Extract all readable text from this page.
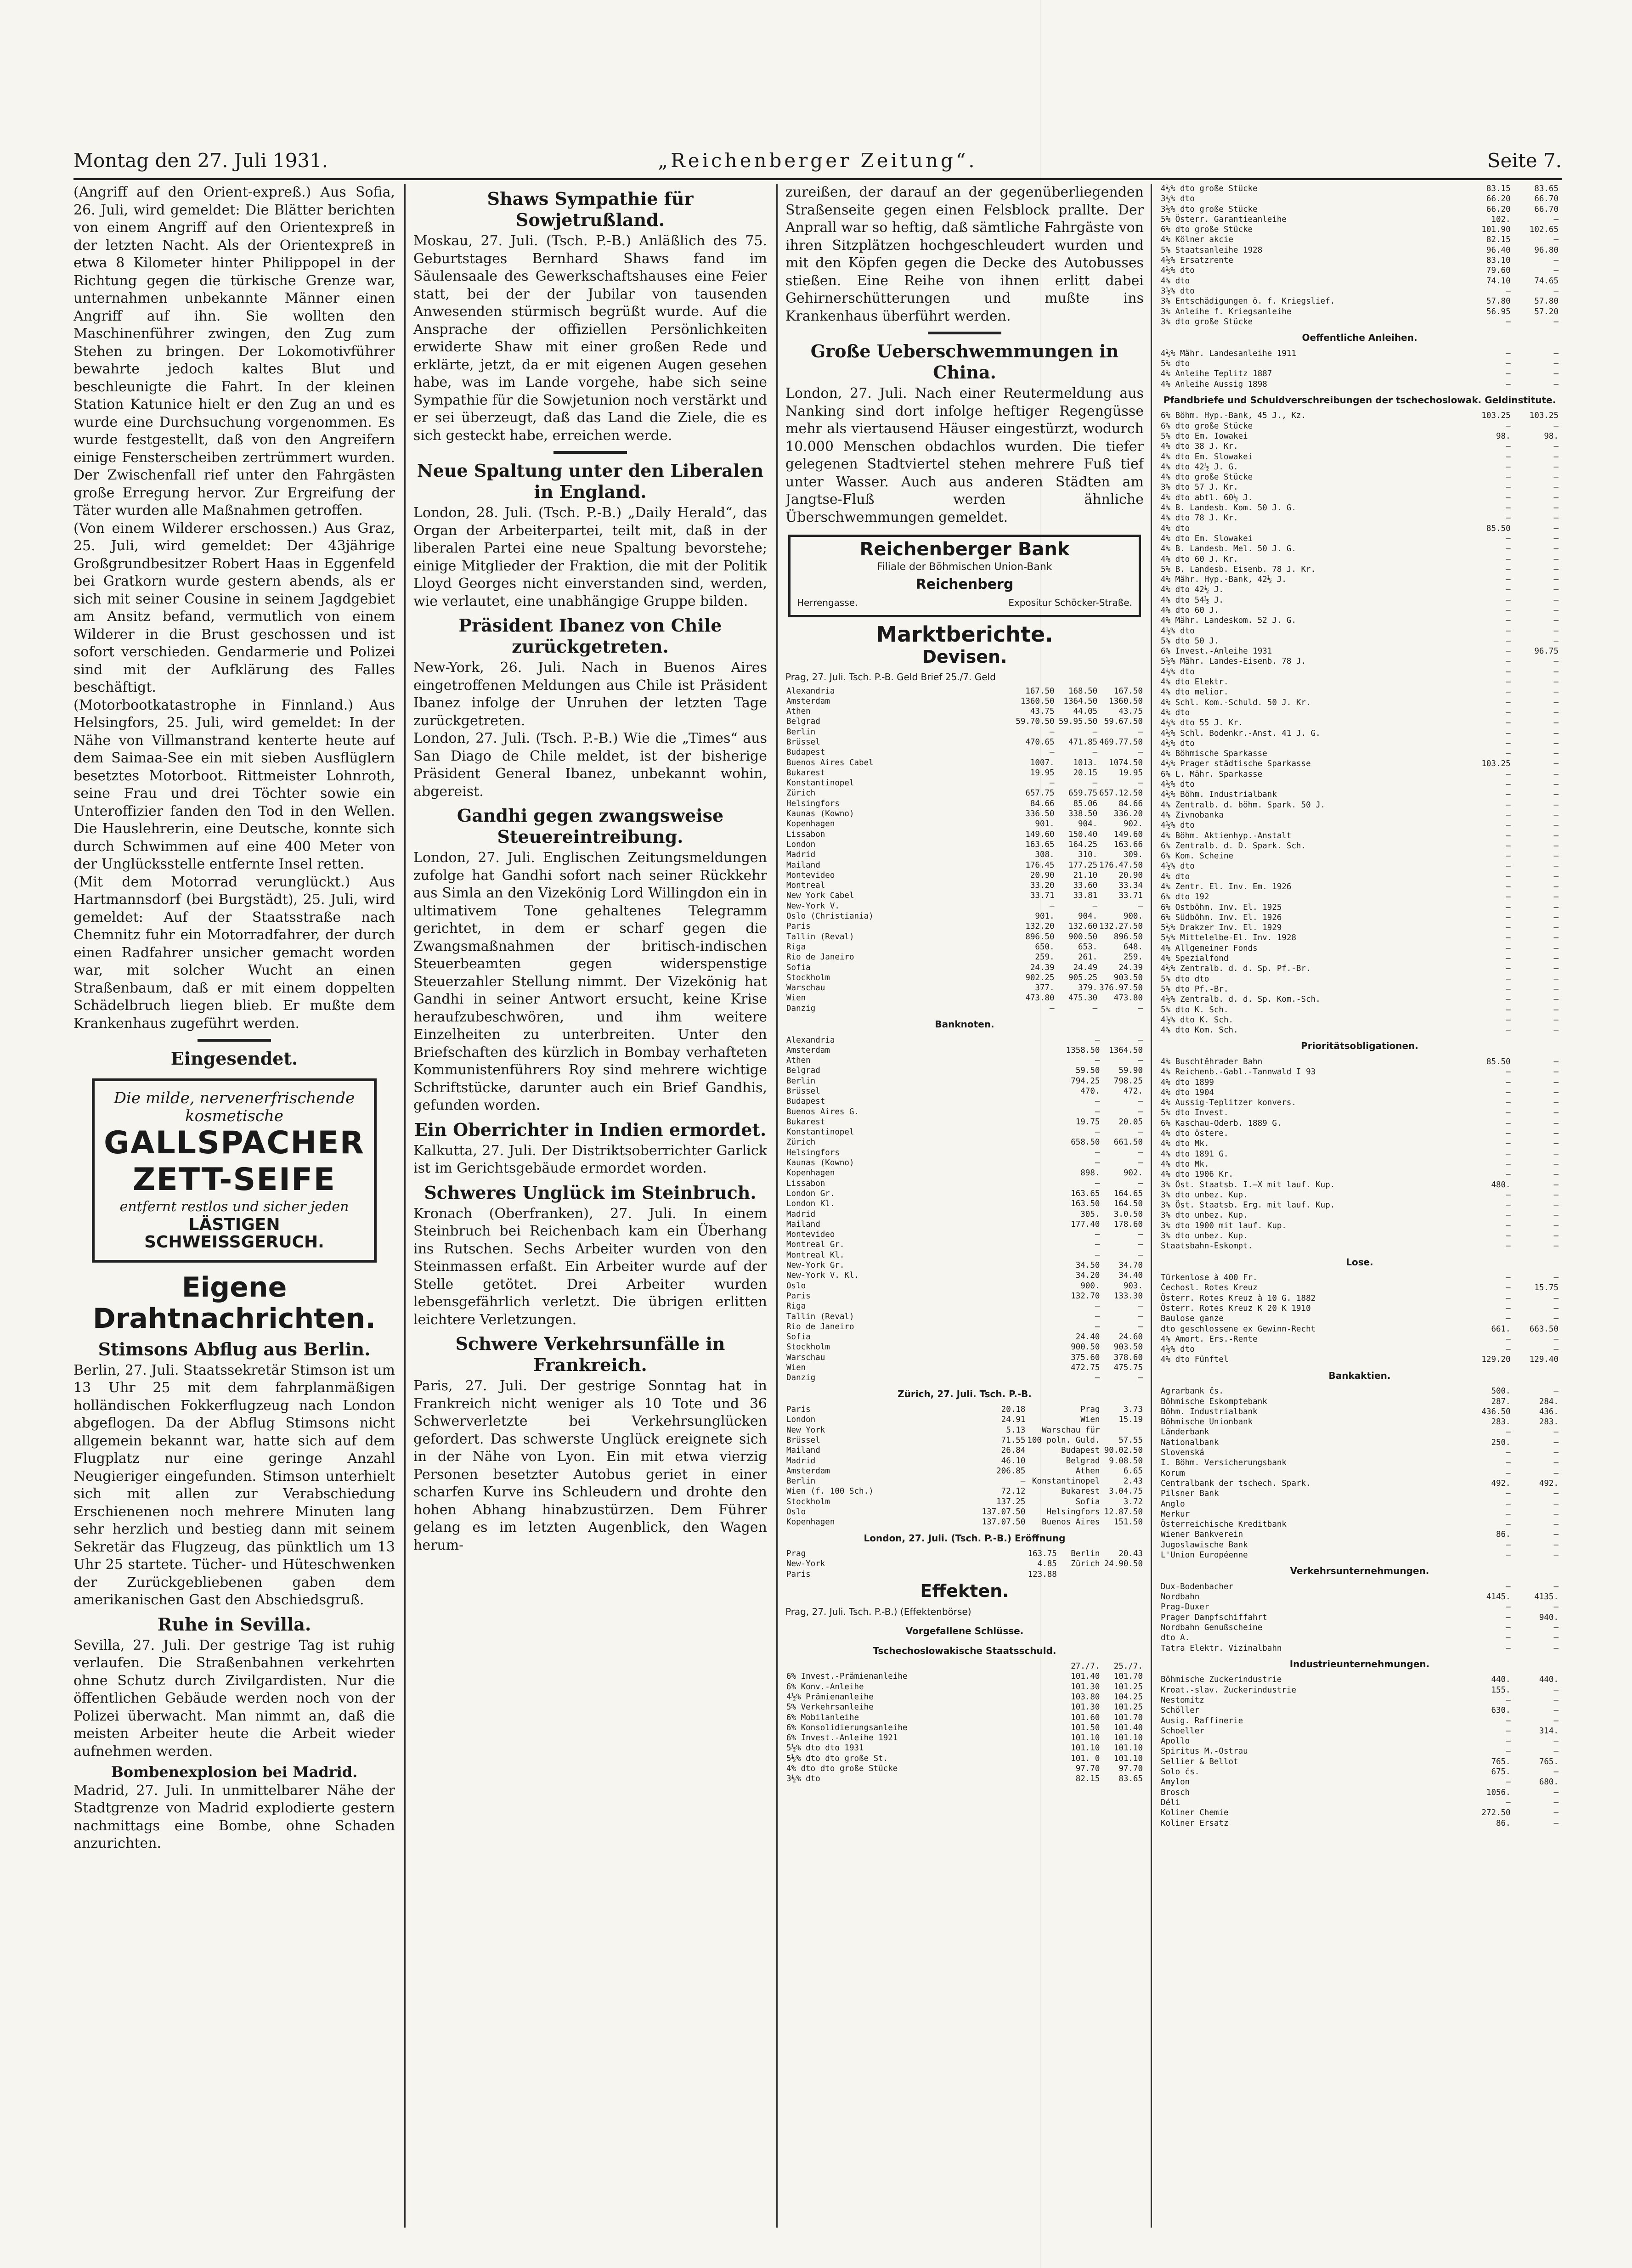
Montag den 27. Juli 1931.	„Reichenberger Zeitung“.	Seite 7.

(Angriff auf den Orient-expreß.) Aus Sofia, 26. Juli, wird gemeldet: Die Blätter berichten von einem Angriff auf den Orientexpreß in der letzten Nacht. Als der Orientexpreß in etwa 8 Kilometer hinter Philippopel in der Richtung gegen die türkische Grenze war, unternahmen unbekannte Männer einen Angriff auf ihn. Sie wollten den Maschinenführer zwingen, den Zug zum Stehen zu bringen. Der Lokomotivführer bewahrte jedoch kaltes Blut und beschleunigte die Fahrt. In der kleinen Station Katunice hielt er den Zug an und es wurde eine Durchsuchung vorgenommen. Es wurde festgestellt, daß von den Angreifern einige Fensterscheiben zertrümmert wurden. Der Zwischenfall rief unter den Fahrgästen große Erregung hervor. Zur Ergreifung der Täter wurden alle Maßnahmen getroffen.

(Von einem Wilderer erschossen.) Aus Graz, 25. Juli, wird gemeldet: Der 43jährige Großgrundbesitzer Robert Haas in Eggenfeld bei Gratkorn wurde gestern abends, als er sich mit seiner Cousine in seinem Jagdgebiet am Ansitz befand, vermutlich von einem Wilderer in die Brust geschossen und ist sofort verschieden. Gendarmerie und Polizei sind mit der Aufklärung des Falles beschäftigt.

(Motorbootkatastrophe in Finnland.) Aus Helsingfors, 25. Juli, wird gemeldet: In der Nähe von Villmanstrand kenterte heute auf dem Saimaa-See ein mit sieben Ausflüglern besetztes Motorboot. Rittmeister Lohnroth, seine Frau und drei Töchter sowie ein Unteroffizier fanden den Tod in den Wellen. Die Hauslehrerin, eine Deutsche, konnte sich durch Schwimmen auf eine 400 Meter von der Unglücksstelle entfernte Insel retten.

(Mit dem Motorrad verunglückt.) Aus Hartmannsdorf (bei Burgstädt), 25. Juli, wird gemeldet: Auf der Staatsstraße nach Chemnitz fuhr ein Motorradfahrer, der durch einen Radfahrer unsicher gemacht worden war, mit solcher Wucht an einen Straßenbaum, daß er mit einem doppelten Schädelbruch liegen blieb. Er mußte dem Krankenhaus zugeführt werden.

Eingesendet.
Die milde, nervenerfrischende kosmetische
GALLSPACHER ZETT-SEIFE
entfernt restlos und sicher jeden
LÄSTIGEN SCHWEISSGERUCH.
Eigene Drahtnachrichten.
Stimsons Abflug aus Berlin.

Berlin, 27. Juli. Staatssekretär Stimson ist um 13 Uhr 25 mit dem fahrplanmäßigen holländischen Fokkerflugzeug nach London abgeflogen. Da der Abflug Stimsons nicht allgemein bekannt war, hatte sich auf dem Flugplatz nur eine geringe Anzahl Neugieriger eingefunden. Stimson unterhielt sich mit allen zur Verabschiedung Erschienenen noch mehrere Minuten lang sehr herzlich und bestieg dann mit seinem Sekretär das Flugzeug, das pünktlich um 13 Uhr 25 startete. Tücher- und Hüteschwenken der Zurückgebliebenen gaben dem amerikanischen Gast den Abschiedsgruß.

Ruhe in Sevilla.

Sevilla, 27. Juli. Der gestrige Tag ist ruhig verlaufen. Die Straßenbahnen verkehrten ohne Schutz durch Zivilgardisten. Nur die öffentlichen Gebäude werden noch von der Polizei überwacht. Man nimmt an, daß die meisten Arbeiter heute die Arbeit wieder aufnehmen werden.

Bombenexplosion bei Madrid.

Madrid, 27. Juli. In unmittelbarer Nähe der Stadtgrenze von Madrid explodierte gestern nachmittags eine Bombe, ohne Schaden anzurichten.

Shaws Sympathie für Sowjetrußland.

Moskau, 27. Juli. (Tsch. P.-B.) Anläßlich des 75. Geburtstages Bernhard Shaws fand im Säulensaale des Gewerkschaftshauses eine Feier statt, bei der der Jubilar von tausenden Anwesenden stürmisch begrüßt wurde. Auf die Ansprache der offiziellen Persönlichkeiten erwiderte Shaw mit einer großen Rede und erklärte, jetzt, da er mit eigenen Augen gesehen habe, was im Lande vorgehe, habe sich seine Sympathie für die Sowjetunion noch verstärkt und er sei überzeugt, daß das Land die Ziele, die es sich gesteckt habe, erreichen werde.

Neue Spaltung unter den Liberalen in England.

London, 28. Juli. (Tsch. P.-B.) „Daily Herald“, das Organ der Arbeiterpartei, teilt mit, daß in der liberalen Partei eine neue Spaltung bevorstehe; einige Mitglieder der Fraktion, die mit der Politik Lloyd Georges nicht einverstanden sind, werden, wie verlautet, eine unabhängige Gruppe bilden.

Präsident Ibanez von Chile zurückgetreten.

New-York, 26. Juli. Nach in Buenos Aires eingetroffenen Meldungen aus Chile ist Präsident Ibanez infolge der Unruhen der letzten Tage zurückgetreten.

London, 27. Juli. (Tsch. P.-B.) Wie die „Times“ aus San Diago de Chile meldet, ist der bisherige Präsident General Ibanez, unbekannt wohin, abgereist.

Gandhi gegen zwangsweise Steuereintreibung.

London, 27. Juli. Englischen Zeitungsmeldungen zufolge hat Gandhi sofort nach seiner Rückkehr aus Simla an den Vizekönig Lord Willingdon ein in ultimativem Tone gehaltenes Telegramm gerichtet, in dem er scharf gegen die Zwangsmaßnahmen der britisch-indischen Steuerbeamten gegen widerspenstige Steuerzahler Stellung nimmt. Der Vizekönig hat Gandhi in seiner Antwort ersucht, keine Krise heraufzubeschwören, und ihm weitere Einzelheiten zu unterbreiten. Unter den Briefschaften des kürzlich in Bombay verhafteten Kommunistenführers Roy sind mehrere wichtige Schriftstücke, darunter auch ein Brief Gandhis, gefunden worden.

Ein Oberrichter in Indien ermordet.

Kalkutta, 27. Juli. Der Distriktsoberrichter Garlick ist im Gerichtsgebäude ermordet worden.

Schweres Unglück im Steinbruch.

Kronach (Oberfranken), 27. Juli. In einem Steinbruch bei Reichenbach kam ein Überhang ins Rutschen. Sechs Arbeiter wurden von den Steinmassen erfaßt. Ein Arbeiter wurde auf der Stelle getötet. Drei Arbeiter wurden lebensgefährlich verletzt. Die übrigen erlitten leichtere Verletzungen.

Schwere Verkehrsunfälle in Frankreich.

Paris, 27. Juli. Der gestrige Sonntag hat in Frankreich nicht weniger als 10 Tote und 36 Schwerverletzte bei Verkehrsunglücken gefordert. Das schwerste Unglück ereignete sich in der Nähe von Lyon. Ein mit etwa vierzig Personen besetzter Autobus geriet in einer scharfen Kurve ins Schleudern und drohte den hohen Abhang hinabzustürzen. Dem Führer gelang es im letzten Augenblick, den Wagen herum-

zureißen, der darauf an der gegenüberliegenden Straßenseite gegen einen Felsblock prallte. Der Anprall war so heftig, daß sämtliche Fahrgäste von ihren Sitzplätzen hochgeschleudert wurden und mit den Köpfen gegen die Decke des Autobusses stießen. Eine Reihe von ihnen erlitt dabei Gehirnerschütterungen und mußte ins Krankenhaus überführt werden.

Große Ueberschwemmungen in China.

London, 27. Juli. Nach einer Reutermeldung aus Nanking sind dort infolge heftiger Regengüsse mehr als viertausend Häuser eingestürzt, wodurch 10.000 Menschen obdachlos wurden. Die tiefer gelegenen Stadtviertel stehen mehrere Fuß tief unter Wasser. Auch aus anderen Städten am Jangtse-Fluß werden ähnliche Überschwemmungen gemeldet.

Reichenberger Bank
Filiale der Böhmischen Union-Bank
Reichenberg
Herrengasse.	Expositur Schöcker-Straße.
Marktberichte.
Devisen.
Prag, 27. Juli. Tsch. P.-B. Geld Brief 25./7. Geld
Alexandria	167.50	168.50	167.50
Amsterdam	1360.50	1364.50	1360.50
Athen	43.75	44.05	43.75
Belgrad	59.70.50	59.95.50	59.67.50
Berlin	—	—	—
Brüssel	470.65	471.85	469.77.50
Budapest	—	—	—
Buenos Aires Cabel	1007.	1013.	1074.50
Bukarest	19.95	20.15	19.95
Konstantinopel	—	—	—
Zürich	657.75	659.75	657.12.50
Helsingfors	84.66	85.06	84.66
Kaunas (Kowno)	336.50	338.50	336.20
Kopenhagen	901.	904.	902.
Lissabon	149.60	150.40	149.60
London	163.65	164.25	163.66
Madrid	308.	310.	309.
Mailand	176.45	177.25	176.47.50
Montevideo	20.90	21.10	20.90
Montreal	33.20	33.60	33.34
New York Cabel	33.71	33.81	33.71
New-York V.	—	—	—
Oslo (Christiania)	901.	904.	900.
Paris	132.20	132.60	132.27.50
Tallin (Reval)	896.50	900.50	896.50
Riga	650.	653.	648.
Rio de Janeiro	259.	261.	259.
Sofia	24.39	24.49	24.39
Stockholm	902.25	905.25	903.50
Warschau	377.	379.	376.97.50
Wien	473.80	475.30	473.80
Danzig	—	—	—
Banknoten.
Alexandria	—	—
Amsterdam	1358.50	1364.50
Athen	—	—
Belgrad	59.50	59.90
Berlin	794.25	798.25
Brüssel	470.	472.
Budapest	—	—
Buenos Aires G.	—	—
Bukarest	19.75	20.05
Konstantinopel	—	—
Zürich	658.50	661.50
Helsingfors	—	—
Kaunas (Kowno)	—	—
Kopenhagen	898.	902.
Lissabon	—	—
London Gr.	163.65	164.65
London Kl.	163.50	164.50
Madrid	305.	3.0.50
Mailand	177.40	178.60
Montevideo	—	—
Montreal Gr.	—	—
Montreal Kl.	—	—
New-York Gr.	34.50	34.70
New-York V. Kl.	34.20	34.40
Oslo	900.	903.
Paris	132.70	133.30
Riga	—	—
Tallin (Reval)	—	—
Rio de Janeiro	—	—
Sofia	24.40	24.60
Stockholm	900.50	903.50
Warschau	375.60	378.60
Wien	472.75	475.75
Danzig	—	—
Zürich, 27. Juli. Tsch. P.-B.
Paris	20.18	Prag	3.73
London	24.91	Wien	15.19
New York	5.13	Warschau für	
Brüssel	71.55	100 poln. Guld.	57.55
Mailand	26.84	Budapest	90.02.50
Madrid	46.10	Belgrad	9.08.50
Amsterdam	206.85	Athen	6.65
Berlin	—	Konstantinopel	2.43
Wien (f. 100 Sch.)	72.12	Bukarest	3.04.75
Stockholm	137.25	Sofia	3.72
Oslo	137.07.50	Helsingfors	12.87.50
Kopenhagen	137.07.50	Buenos Aires	151.50
London, 27. Juli. (Tsch. P.-B.) Eröffnung
Prag	163.75	Berlin	20.43
New-York	4.85	Zürich	24.90.50
Paris	123.88		
Effekten.
Prag, 27. Juli. Tsch. P.-B.) (Effektenbörse)
Vorgefallene Schlüsse.
Tschechoslowakische Staatsschuld.
	27./7.	25./7.
6% Invest.-Prämienanleihe	101.40	101.70
6% Konv.-Anleihe	101.30	101.25
4½% Prämienanleihe	103.80	104.25
5% Verkehrsanleihe	101.30	101.25
6% Mobilanleihe	101.60	101.70
6% Konsolidierungsanleihe	101.50	101.40
6% Invest.-Anleihe 1921	101.10	101.10
5½% dto dto 1931	101.10	101.10
5½% dto dto große St.	101. 0	101.10
4% dto dto große Stücke	97.70	97.70
3½% dto	82.15	83.65
4½% dto große Stücke	83.15	83.65
3½% dto	66.20	66.70
3½% dto große Stücke	66.20	66.70
5% Österr. Garantieanleihe	102.	—
6% dto große Stücke	101.90	102.65
4% Kölner akcie	82.15	—
5% Staatsanleihe 1928	96.40	96.80
4½% Ersatzrente	83.10	—
4½% dto	79.60	—
4% dto	74.10	74.65
3½% dto	—	—
3% Entschädigungen ö. f. Kriegslief.	57.80	57.80
3% Anleihe f. Kriegsanleihe	56.95	57.20
3% dto große Stücke	—	—
Oeffentliche Anleihen.
4½% Mähr. Landesanleihe 1911	—	—
5% dto	—	—
4% Anleihe Teplitz 1887	—	—
4% Anleihe Aussig 1898	—	—
Pfandbriefe und Schuldverschreibungen der tschechoslowak. Geldinstitute.
6% Böhm. Hyp.-Bank, 45 J., Kz.	103.25	103.25
6% dto große Stücke	—	—
5% dto Em. Iowakei	98.	98.
4% dto 38 J. Kr.	—	—
4% dto Em. Slowakei	—	—
4% dto 42½ J. G.	—	—
4% dto große Stücke	—	—
3% dto 57 J. Kr.	—	—
4% dto abtl. 60½ J.	—	—
4% B. Landesb. Kom. 50 J. G.	—	—
4% dto 78 J. Kr.	—	—
4% dto	85.50	—
4% dto Em. Slowakei	—	—
4% B. Landesb. Mel. 50 J. G.	—	—
4% dto 60 J. Kr.	—	—
5% B. Landesb. Eisenb. 78 J. Kr.	—	—
4% Mähr. Hyp.-Bank, 42½ J.	—	—
4% dto 42½ J.	—	—
4% dto 54½ J.	—	—
4% dto 60 J.	—	—
4% Mähr. Landeskom. 52 J. G.	—	—
4½% dto	—	—
5% dto 50 J.	—	—
6% Invest.-Anleihe 1931	—	96.75
5½% Mähr. Landes-Eisenb. 78 J.	—	—
4½% dto	—	—
4% dto Elektr.	—	—
4% dto melior.	—	—
4% Schl. Kom.-Schuld. 50 J. Kr.	—	—
4% dto	—	—
4½% dto 55 J. Kr.	—	—
4½% Schl. Bodenkr.-Anst. 41 J. G.	—	—
4½% dto	—	—
4% Böhmische Sparkasse	—	—
4½% Prager städtische Sparkasse	103.25	—
6% L. Mähr. Sparkasse	—	—
4½% dto	—	—
4½% Böhm. Industrialbank	—	—
4% Zentralb. d. böhm. Spark. 50 J.	—	—
4% Zivnobanka	—	—
4½% dto	—	—
4% Böhm. Aktienhyp.-Anstalt	—	—
6% Zentralb. d. D. Spark. Sch.	—	—
6% Kom. Scheine	—	—
4½% dto	—	—
4% dto	—	—
4% Zentr. El. Inv. Em. 1926	—	—
6% dto 192	—	—
6% Ostböhm. Inv. El. 1925	—	—
6% Südböhm. Inv. El. 1926	—	—
5½% Drakzer Inv. El. 1929	—	—
5½% Mittelelbe-El. Inv. 1928	—	—
4% Allgemeiner Fonds	—	—
4% Spezialfond	—	—
4½% Zentralb. d. d. Sp. Pf.-Br.	—	—
5% dto dto	—	—
5% dto Pf.-Br.	—	—
4½% Zentralb. d. d. Sp. Kom.-Sch.	—	—
5% dto K. Sch.	—	—
4½% dto K. Sch.	—	—
4% dto Kom. Sch.	—	—
Prioritätsobligationen.
4% Buschtěhrader Bahn	85.50	—
4% Reichenb.-Gabl.-Tannwald I 93	—	—
4% dto 1899	—	—
4% dto 1904	—	—
4% Aussig-Teplitzer konvers.	—	—
5% dto Invest.	—	—
6% Kaschau-Oderb. 1889 G.	—	—
4% dto östere.	—	—
4% dto Mk.	—	—
4% dto 1891 G.	—	—
4% dto Mk.	—	—
4% dto 1906 Kr.	—	—
3% Öst. Staatsb. I.—X mit lauf. Kup.	480.	—
3% dto unbez. Kup.	—	—
3% Öst. Staatsb. Erg. mit lauf. Kup.	—	—
3% dto unbez. Kup.	—	—
3% dto 1900 mit lauf. Kup.	—	—
3% dto unbez. Kup.	—	—
Staatsbahn-Eskompt.	—	—
Lose.
Türkenlose à 400 Fr.	—	—
Čechosl. Rotes Kreuz	—	15.75
Österr. Rotes Kreuz à 10 G. 1882	—	—
Österr. Rotes Kreuz K 20 K 1910	—	—
Baulose ganze	—	—
dto geschlossene ex Gewinn-Recht	661.	663.50
4% Amort. Ers.-Rente	—	—
4½% dto	—	—
4% dto Fünftel	129.20	129.40
Bankaktien.
Agrarbank čs.	500.	—
Böhmische Eskomptebank	287.	284.
Böhm. Industrialbank	436.50	436.
Böhmische Unionbank	283.	283.
Länderbank	—	—
Nationalbank	250.	—
Slovenská	—	—
I. Böhm. Versicherungsbank	—	—
Korum	—	—
Centralbank der tschech. Spark.	492.	492.
Pilsner Bank	—	—
Anglo	—	—
Merkur	—	—
Österreichische Kreditbank	—	—
Wiener Bankverein	86.	—
Jugoslawische Bank	—	—
L'Union Européenne	—	—
Verkehrsunternehmungen.
Dux-Bodenbacher	—	—
Nordbahn	4145.	4135.
Prag-Duxer	—	—
Prager Dampfschiffahrt	—	940.
Nordbahn Genußscheine	—	—
dto A.	—	—
Tatra Elektr. Vizinalbahn	—	—
Industrieunternehmungen.
Böhmische Zuckerindustrie	440.	440.
Kroat.-slav. Zuckerindustrie	155.	—
Nestomitz	—	—
Schöller	630.	—
Ausig. Raffinerie	—	—
Schoeller	—	314.
Apollo	—	—
Spiritus M.-Ostrau	—	—
Sellier & Bellot	765.	765.
Solo čs.	675.	—
Amylon	—	680.
Brosch	1056.	—
Déli	—	—
Koliner Chemie	272.50	—
Koliner Ersatz	86.	—
